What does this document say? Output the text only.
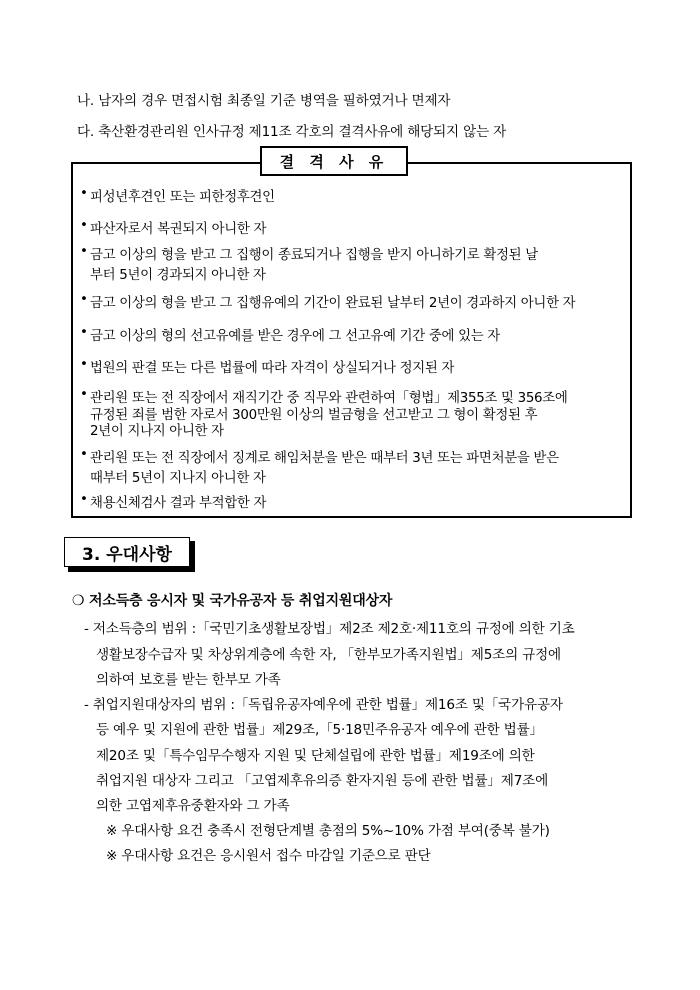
나. 남자의 경우 면접시험 최종일 기준 병역을 필하였거나 면제자
다. 축산환경관리원 인사규정 제11조 각호의 결격사유에 해당되지 않는 자
결 격 사 유
• 피성년후견인 또는 피한정후견인
• 파산자로서 복권되지 아니한 자
• 금고 이상의 형을 받고 그 집행이 종료되거나 집행을 받지 아니하기로 확정된 날
부터 5년이 경과되지 아니한 자
• 금고 이상의 형을 받고 그 집행유예의 기간이 완료된 날부터 2년이 경과하지 아니한 자
• 금고 이상의 형의 선고유예를 받은 경우에 그 선고유예 기간 중에 있는 자
• 법원의 판결 또는 다른 법률에 따라 자격이 상실되거나 정지된 자
• 관리원 또는 전 직장에서 재직기간 중 직무와 관련하여「형법」제355조 및 356조에
규정된 죄를 범한 자로서 300만원 이상의 벌금형을 선고받고 그 형이 확정된 후
2년이 지나지 아니한 자
• 관리원 또는 전 직장에서 징계로 해임처분을 받은 때부터 3년 또는 파면처분을 받은
때부터 5년이 지나지 아니한 자
• 채용신체검사 결과 부적합한 자
3. 우대사항
❍ 저소득층 응시자 및 국가유공자 등 취업지원대상자
- 저소득층의 범위 :「국민기초생활보장법」제2조 제2호·제11호의 규정에 의한 기초
생활보장수급자 및 차상위계층에 속한 자, 「한부모가족지원법」제5조의 규정에
의하여 보호를 받는 한부모 가족
- 취업지원대상자의 범위 :「독립유공자예우에 관한 법률」제16조 및「국가유공자
등 예우 및 지원에 관한 법률」제29조,「5·18민주유공자 예우에 관한 법률」
제20조 및「특수임무수행자 지원 및 단체설립에 관한 법률」제19조에 의한
취업지원 대상자 그리고 「고엽제후유의증 환자지원 등에 관한 법률」제7조에
의한 고엽제후유중환자와 그 가족
※ 우대사항 요건 충족시 전형단계별 총점의 5%~10% 가점 부여(중복 불가)
※ 우대사항 요건은 응시원서 접수 마감일 기준으로 판단
